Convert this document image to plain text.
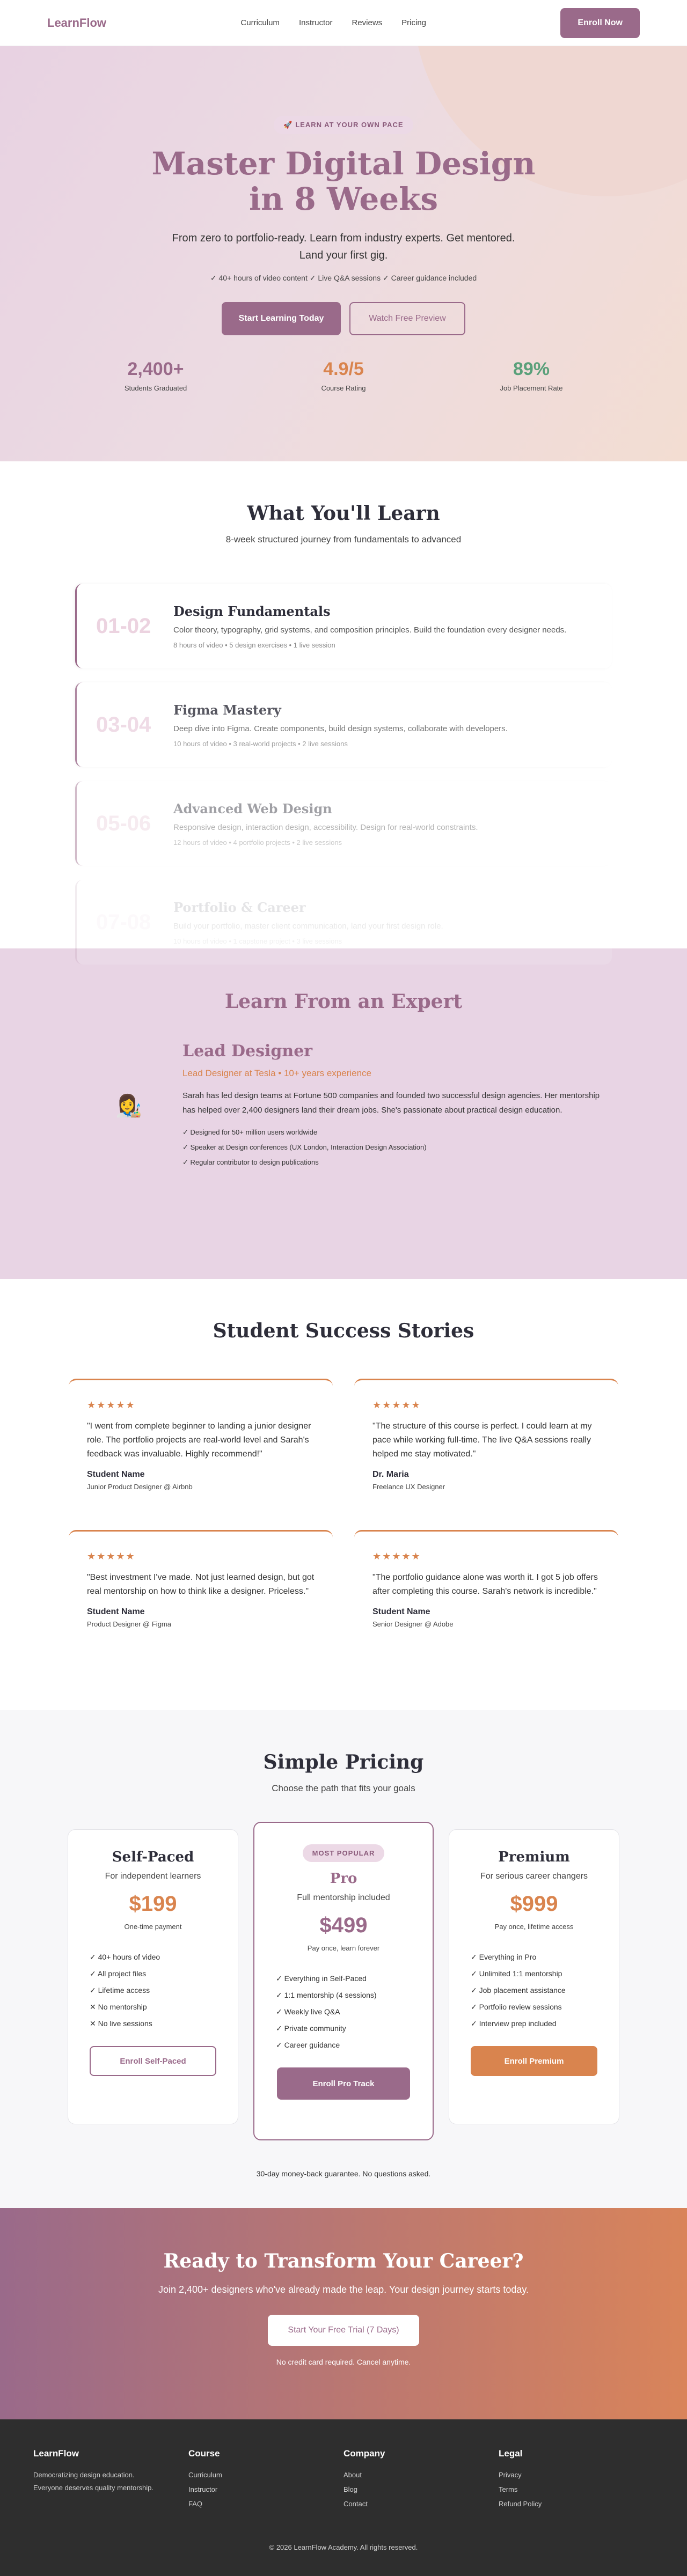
LearnFlow	Curriculum Instructor Reviews Pricing	Enroll Now
🚀 LEARN AT YOUR OWN PACE
Master Digital Design
in 8 Weeks

From zero to portfolio-ready. Learn from industry experts. Get mentored.
Land your first gig.

✓ 40+ hours of video content ✓ Live Q&A sessions ✓ Career guidance included

Start Learning Today	Watch Free Preview
2,400+
Students Graduated
4.9/5
Course Rating
89%
Job Placement Rate
What You'll Learn

8-week structured journey from fundamentals to advanced

01-02
Design Fundamentals
Color theory, typography, grid systems, and composition principles. Build the foundation every designer needs.
8 hours of video • 5 design exercises • 1 live session
03-04
Figma Mastery
Deep dive into Figma. Create components, build design systems, collaborate with developers.
10 hours of video • 3 real-world projects • 2 live sessions
05-06
Advanced Web Design
Responsive design, interaction design, accessibility. Design for real-world constraints.
12 hours of video • 4 portfolio projects • 2 live sessions
07-08
Portfolio & Career
Build your portfolio, master client communication, land your first design role.
10 hours of video • 1 capstone project • 3 live sessions
Learn From an Expert
👩‍🎨
Lead Designer
Lead Designer at Tesla • 10+ years experience

Sarah has led design teams at Fortune 500 companies and founded two successful design agencies. Her mentorship has helped over 2,400 designers land their dream jobs. She's passionate about practical design education.

✓ Designed for 50+ million users worldwide
✓ Speaker at Design conferences (UX London, Interaction Design Association)
✓ Regular contributor to design publications
Student Success Stories
★★★★★

"I went from complete beginner to landing a junior designer role. The portfolio projects are real-world level and Sarah's feedback was invaluable. Highly recommend!"

Student Name
Junior Product Designer @ Airbnb
★★★★★

"The structure of this course is perfect. I could learn at my pace while working full-time. The live Q&A sessions really helped me stay motivated."

Dr. Maria
Freelance UX Designer
★★★★★

"Best investment I've made. Not just learned design, but got real mentorship on how to think like a designer. Priceless."

Student Name
Product Designer @ Figma
★★★★★

"The portfolio guidance alone was worth it. I got 5 job offers after completing this course. Sarah's network is incredible."

Student Name
Senior Designer @ Adobe
Simple Pricing

Choose the path that fits your goals

Self-Paced
For independent learners
$199
One-time payment
✓ 40+ hours of video
✓ All project files
✓ Lifetime access
✕ No mentorship
✕ No live sessions
Enroll Self-Paced
MOST POPULAR
Pro
Full mentorship included
$499
Pay once, learn forever
✓ Everything in Self-Paced
✓ 1:1 mentorship (4 sessions)
✓ Weekly live Q&A
✓ Private community
✓ Career guidance
Enroll Pro Track
Premium
For serious career changers
$999
Pay once, lifetime access
✓ Everything in Pro
✓ Unlimited 1:1 mentorship
✓ Job placement assistance
✓ Portfolio review sessions
✓ Interview prep included
Enroll Premium

30-day money-back guarantee. No questions asked.

Ready to Transform Your Career?

Join 2,400+ designers who've already made the leap. Your design journey starts today.

Start Your Free Trial (7 Days)

No credit card required. Cancel anytime.

LearnFlow

Democratizing design education.
Everyone deserves quality mentorship.

Course
Curriculum
Instructor
FAQ
Company
About
Blog
Contact
Legal
Privacy
Terms
Refund Policy
© 2026 LearnFlow Academy. All rights reserved.
